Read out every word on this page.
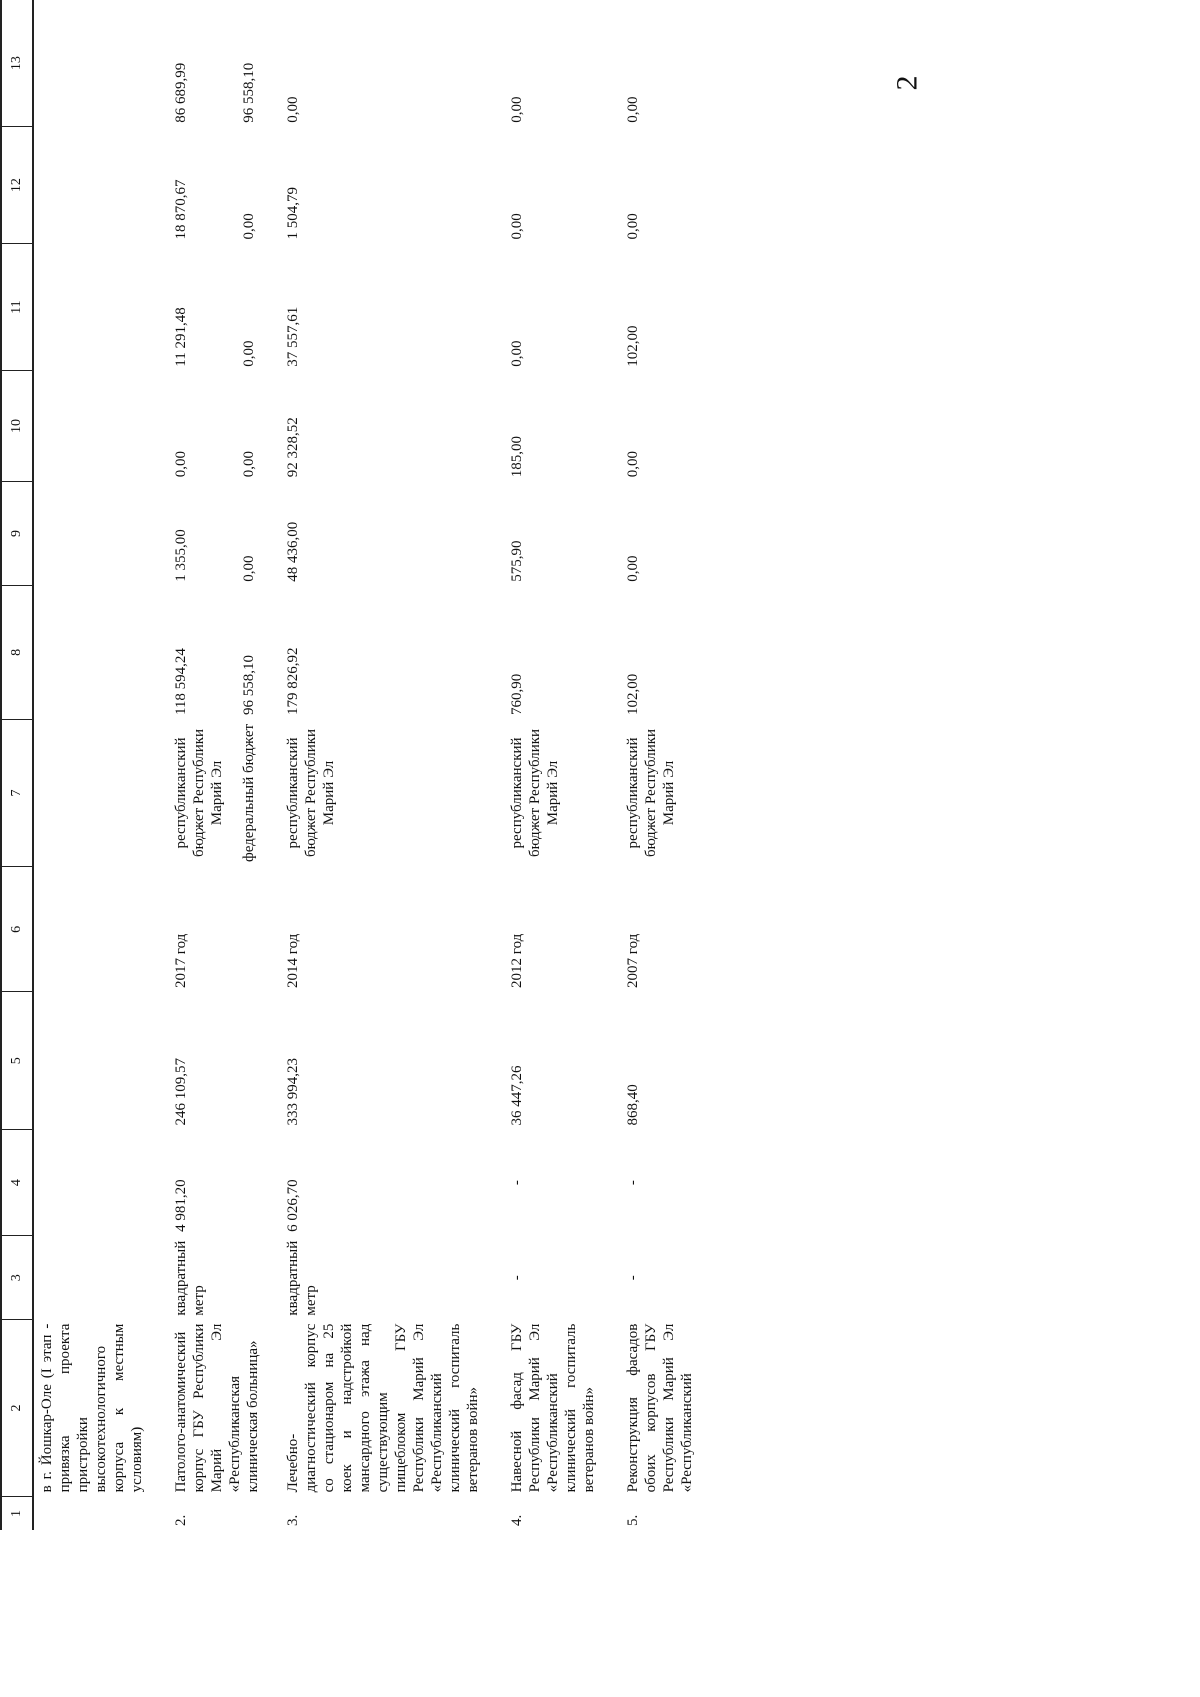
2
1	2	3	4	5	6	7	8	9	10	11	12	13
	в г. Йошкар-Оле (I этап - привязка проекта пристройки высокотехнологичного корпуса к местным условиям)											
2.	Патолого-анатомический корпус ГБУ Республики Марий Эл «Республиканская клиническая больница»	квадратный метр	4 981,20	246 109,57	2017 год	республиканский бюджет Республики Марий Эл	118 594,24	1 355,00	0,00	11 291,48	18 870,67	86 689,99
						федеральный бюджет	96 558,10	0,00	0,00	0,00	0,00	96 558,10
3.	Лечебно-диагностический корпус со стационаром на 25 коек и надстройкой мансардного этажа над существующим пищеблоком ГБУ Республики Марий Эл «Республиканский клинический госпиталь ветеранов войн»	квадратный метр	6 026,70	333 994,23	2014 год	республиканский бюджет Республики Марий Эл	179 826,92	48 436,00	92 328,52	37 557,61	1 504,79	0,00
4.	Навесной фасад ГБУ Республики Марий Эл «Республиканский клинический госпиталь ветеранов войн»	-	-	36 447,26	2012 год	республиканский бюджет Республики Марий Эл	760,90	575,90	185,00	0,00	0,00	0,00
5.	Реконструкция фасадов обоих корпусов ГБУ Республики Марий Эл «Республиканский	-	-	868,40	2007 год	республиканский бюджет Республики Марий Эл	102,00	0,00	0,00	102,00	0,00	0,00
